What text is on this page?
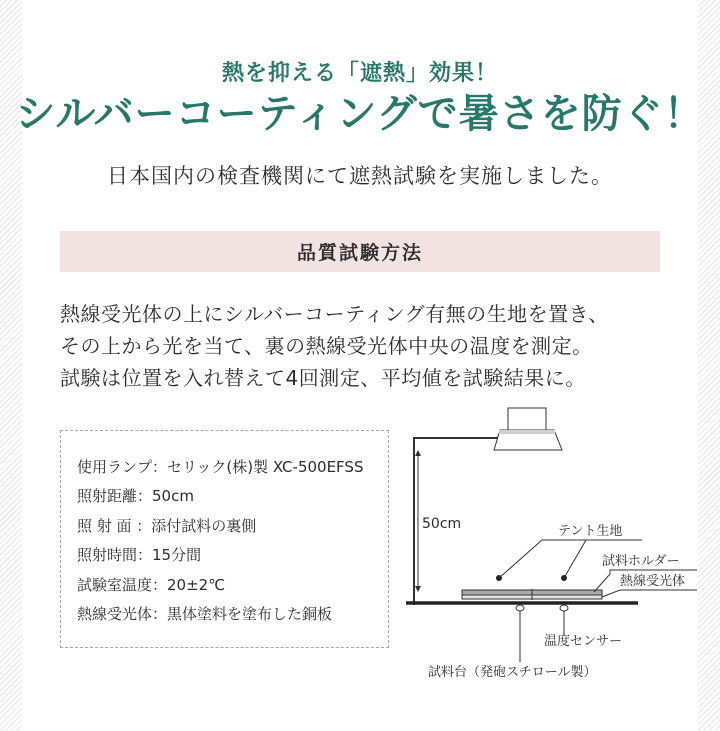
熱を抑える「遮熱」効果！
シルバーコーティングで暑さを防ぐ！
日本国内の検査機関にて遮熱試験を実施しました。
品質試験方法
熱線受光体の上にシルバーコーティング有無の生地を置き、
その上から光を当て、裏の熱線受光体中央の温度を測定。
試験は位置を入れ替えて4回測定、平均値を試験結果に。
使用ランプ：セリック(株)製 XC-500EFSS
照射距離：50cm
照 射 面 ：添付試料の裏側
照射時間：15分間
試験室温度：20±2℃
熱線受光体：黒体塗料を塗布した銅板
50cm	テント生地
試料ホルダー
熱線受光体
温度センサー
試料台（発砲スチロール製）
